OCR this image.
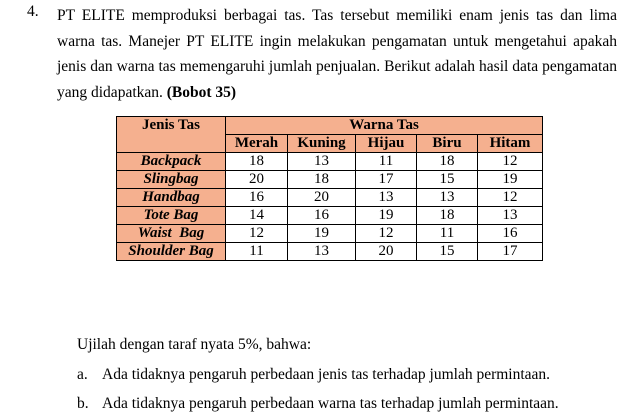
4. PT ELITE memproduksi berbagai tas. Tas tersebut memiliki enam jenis tas dan lima warna tas. Manejer PT ELITE ingin melakukan pengamatan untuk mengetahui apakah jenis dan warna tas memengaruhi jumlah penjualan. Berikut adalah hasil data pengamatan yang didapatkan. (Bobot 35)
Jenis Tas	Warna Tas				
	Merah	Kuning	Hijau	Biru	Hitam
Backpack	18	13	11	18	12
Slingbag	20	18	17	15	19
Handbag	16	20	13	13	12
Tote Bag	14	16	19	18	13
Waist  Bag	12	19	12	11	16
Shoulder Bag	11	13	20	15	17
Ujilah dengan taraf nyata 5%, bahwa:
a. Ada tidaknya pengaruh perbedaan jenis tas terhadap jumlah permintaan.
b. Ada tidaknya pengaruh perbedaan warna tas terhadap jumlah permintaan.
